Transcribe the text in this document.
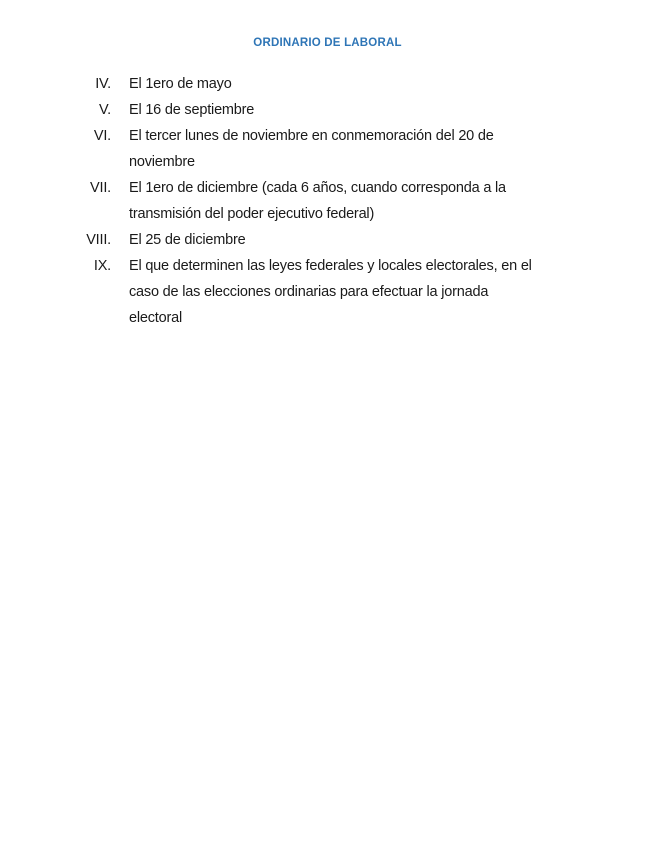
ORDINARIO DE LABORAL
IV. El 1ero de mayo
V. El 16 de septiembre
VI. El tercer lunes de noviembre en conmemoración del 20 de
noviembre
VII. El 1ero de diciembre (cada 6 años, cuando corresponda a la
transmisión del poder ejecutivo federal)
VIII. El 25 de diciembre
IX. El que determinen las leyes federales y locales electorales, en el
caso de las elecciones ordinarias para efectuar la jornada
electoral
